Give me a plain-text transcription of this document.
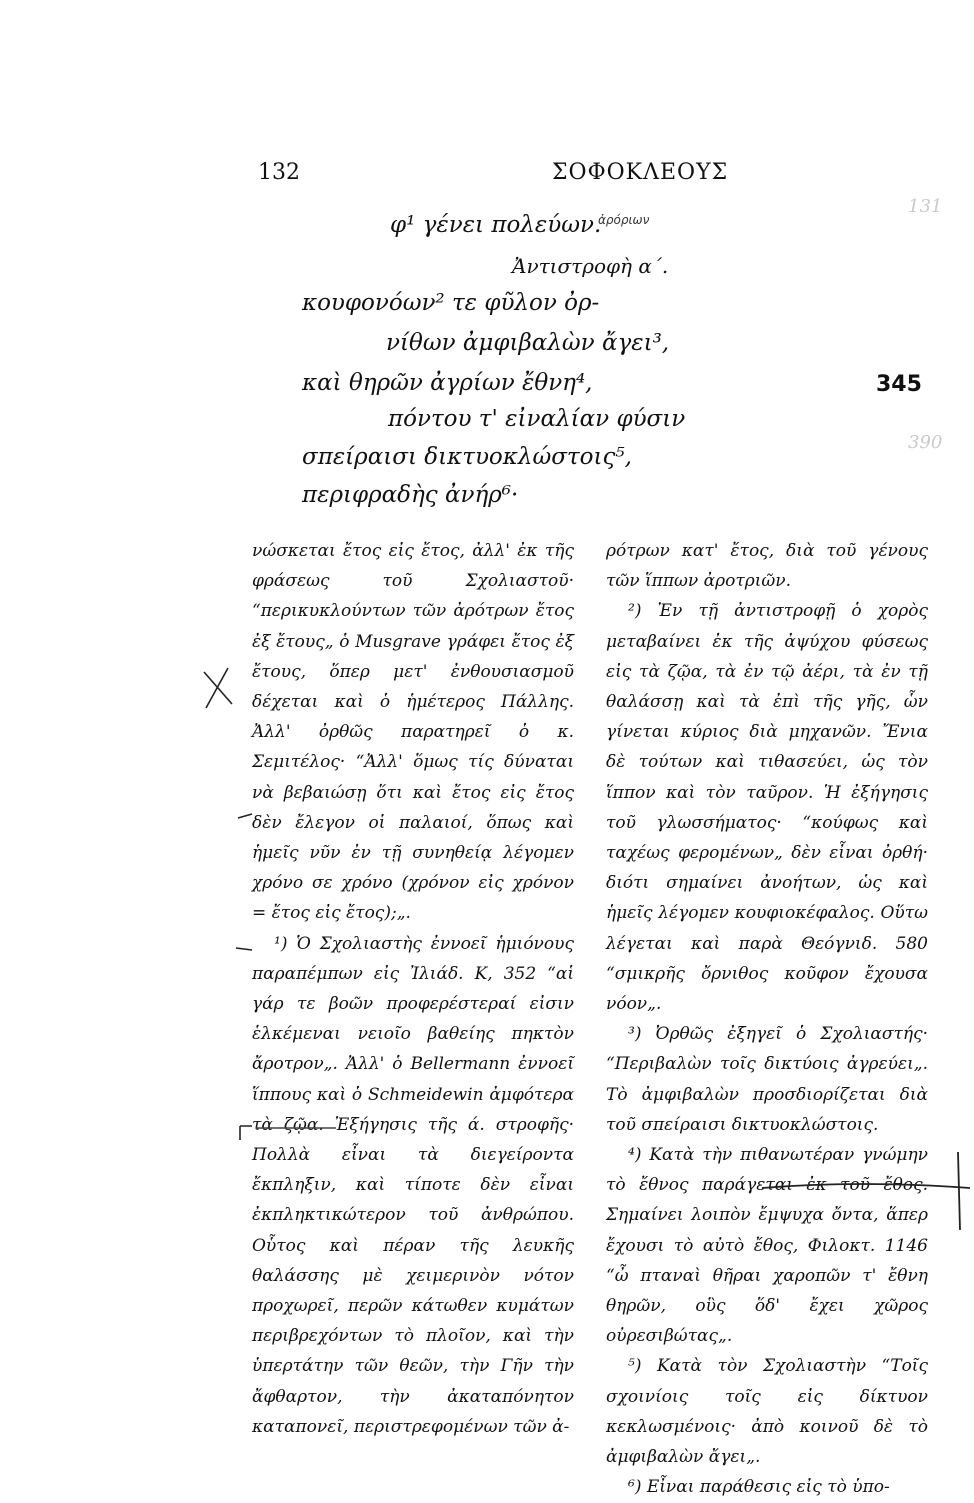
131
390
132	ΣΟΦΟΚΛΕΟΥΣ
φ¹ γένει πολεύων.
ἀρόριων
Ἀντιστροφὴ α΄.
κουφονόων² τε φῦλον ὀρ-
νίθων ἀμφιβαλὼν ἄγει³,
καὶ θηρῶν ἀγρίων ἔθνη⁴,	345
πόντου τ' εἰναλίαν φύσιν
σπείραισι δικτυοκλώστοις⁵,
περιφραδὴς ἀνήρ⁶·

νώσκεται ἔτος εἰς ἔτος, ἀλλ' ἐκ τῆς φράσεως τοῦ Σχολιαστοῦ· “περικυκλούντων τῶν ἀρότρων ἔτος ἐξ ἔτους„ ὁ Musgrave γράφει ἔτος ἐξ ἔτους, ὅπερ μετ' ἐνθουσιασμοῦ δέχεται καὶ ὁ ἡμέτερος Πάλλης. Ἀλλ' ὀρθῶς παρατηρεῖ ὁ κ. Σεμιτέλος· “Ἀλλ' ὅμως τίς δύναται νὰ βεβαιώσῃ ὅτι καὶ ἔτος εἰς ἔτος δὲν ἔλεγον οἱ παλαιοί, ὅπως καὶ ἡμεῖς νῦν ἐν τῇ συνηθείᾳ λέγομεν χρόνο σε χρόνο (χρόνον εἰς χρόνον = ἔτος εἰς ἔτος);„.

¹) Ὁ Σχολιαστὴς ἐννοεῖ ἡμιόνους παραπέμπων εἰς Ἰλιάδ. Κ, 352 “αἱ γάρ τε βοῶν προφερέστεραί εἰσιν ἑλκέμεναι νειοῖο βαθείης πηκτὸν ἄροτρον„. Ἀλλ' ὁ Bellermann ἐννοεῖ ἵππους καὶ ὁ Schmeidewin ἀμφότερα τὰ ζῷα. Ἐξήγησις τῆς ά. στροφῆς· Πολλὰ εἶναι τὰ διεγείροντα ἔκπληξιν, καὶ τίποτε δὲν εἶναι ἐκπληκτικώτερον τοῦ ἀνθρώπου. Οὗτος καὶ πέραν τῆς λευκῆς θαλάσσης μὲ χειμερινὸν νότον προχωρεῖ, περῶν κάτωθεν κυμάτων περιβρεχόντων τὸ πλοῖον, καὶ τὴν ὑπερτάτην τῶν θεῶν, τὴν Γῆν τὴν ἄφθαρτον, τὴν ἀκαταπόνητον καταπονεῖ, περιστρεφομένων τῶν ἀ-

ρότρων κατ' ἔτος, διὰ τοῦ γένους τῶν ἵππων ἀροτριῶν.

²) Ἐν τῇ ἀντιστροφῇ ὁ χορὸς μεταβαίνει ἐκ τῆς ἀψύχου φύσεως εἰς τὰ ζῷα, τὰ ἐν τῷ ἀέρι, τὰ ἐν τῇ θαλάσσῃ καὶ τὰ ἐπὶ τῆς γῆς, ὧν γίνεται κύριος διὰ μηχανῶν. Ἔνια δὲ τούτων καὶ τιθασεύει, ὡς τὸν ἵππον καὶ τὸν ταῦρον. Ἡ ἐξήγησις τοῦ γλωσσήματος· “κούφως καὶ ταχέως φερομένων„ δὲν εἶναι ὀρθή· διότι σημαίνει ἀνοήτων, ὡς καὶ ἡμεῖς λέγομεν κουφιοκέφαλος. Οὕτω λέγεται καὶ παρὰ Θεόγνιδ. 580 “σμικρῆς ὄρνιθος κοῦφον ἔχουσα νόον„.

³) Ὀρθῶς ἐξηγεῖ ὁ Σχολιαστής· “Περιβαλὼν τοῖς δικτύοις ἀγρεύει„. Τὸ ἀμφιβαλὼν προσδιορίζεται διὰ τοῦ σπείραισι δικτυοκλώστοις.

⁴) Κατὰ τὴν πιθανωτέραν γνώμην τὸ ἔθνος παράγεται ἐκ τοῦ ἔθος. Σημαίνει λοιπὸν ἔμψυχα ὄντα, ἅπερ ἔχουσι τὸ αὐτὸ ἔθος, Φιλοκτ. 1146 “ὦ πταναὶ θῆραι χαροπῶν τ' ἔθνη θηρῶν, οὓς ὅδ' ἔχει χῶρος οὐρεσιβώτας„.

⁵) Κατὰ τὸν Σχολιαστὴν “Τοῖς σχοινίοις τοῖς εἰς δίκτυον κεκλωσμένοις· ἀπὸ κοινοῦ δὲ τὸ ἀμφιβαλὼν ἄγει„.

⁶) Εἶναι παράθεσις εἰς τὸ ὑπο-
